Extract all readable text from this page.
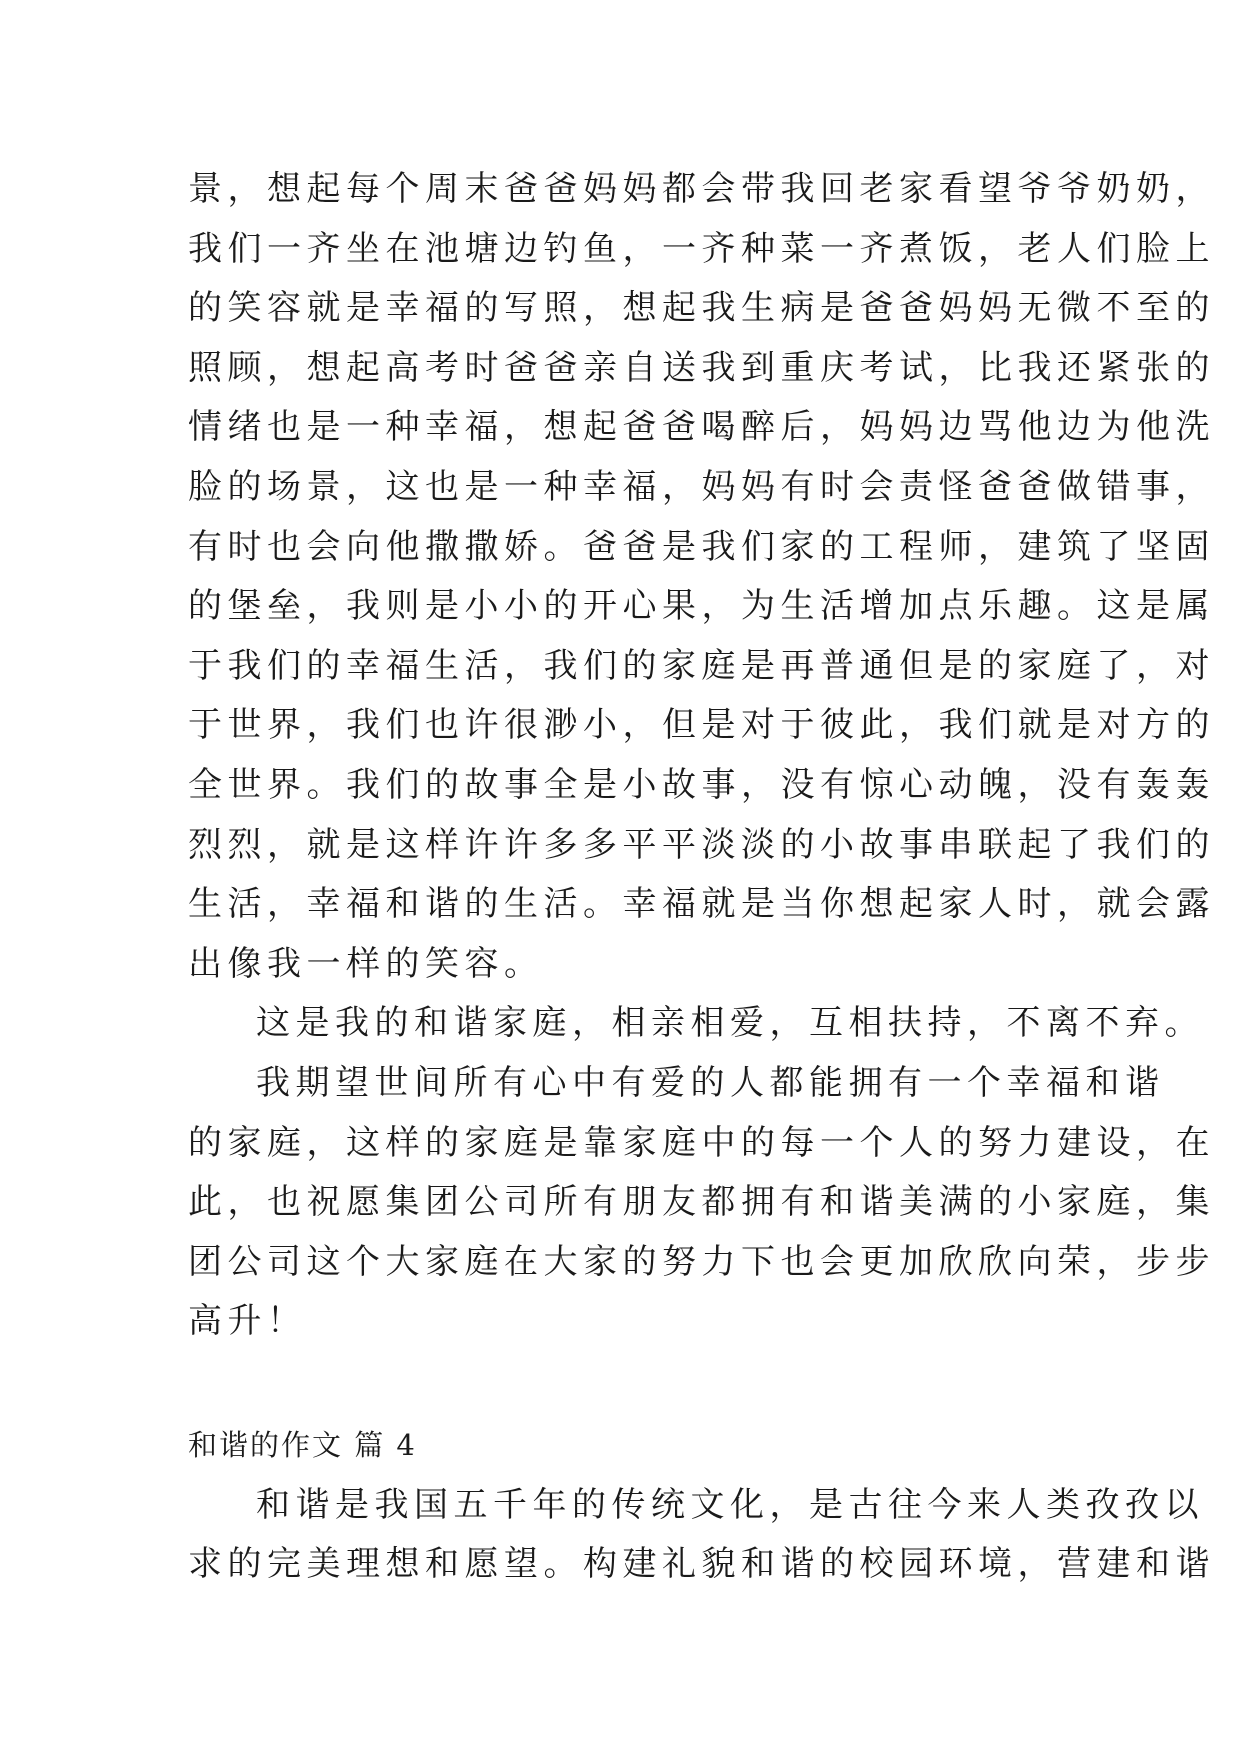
景，想起每个周末爸爸妈妈都会带我回老家看望爷爷奶奶，
我们一齐坐在池塘边钓鱼，一齐种菜一齐煮饭，老人们脸上
的笑容就是幸福的写照，想起我生病是爸爸妈妈无微不至的
照顾，想起高考时爸爸亲自送我到重庆考试，比我还紧张的
情绪也是一种幸福，想起爸爸喝醉后，妈妈边骂他边为他洗
脸的场景，这也是一种幸福，妈妈有时会责怪爸爸做错事，
有时也会向他撒撒娇。爸爸是我们家的工程师，建筑了坚固
的堡垒，我则是小小的开心果，为生活增加点乐趣。这是属
于我们的幸福生活，我们的家庭是再普通但是的家庭了，对
于世界，我们也许很渺小，但是对于彼此，我们就是对方的
全世界。我们的故事全是小故事，没有惊心动魄，没有轰轰
烈烈，就是这样许许多多平平淡淡的小故事串联起了我们的
生活，幸福和谐的生活。幸福就是当你想起家人时，就会露
出像我一样的笑容。
这是我的和谐家庭，相亲相爱，互相扶持，不离不弃。
我期望世间所有心中有爱的人都能拥有一个幸福和谐
的家庭，这样的家庭是靠家庭中的每一个人的努力建设，在
此，也祝愿集团公司所有朋友都拥有和谐美满的小家庭，集
团公司这个大家庭在大家的努力下也会更加欣欣向荣，步步
高升！
和谐的作文 篇 4
和谐是我国五千年的传统文化，是古往今来人类孜孜以
求的完美理想和愿望。构建礼貌和谐的校园环境，营建和谐
